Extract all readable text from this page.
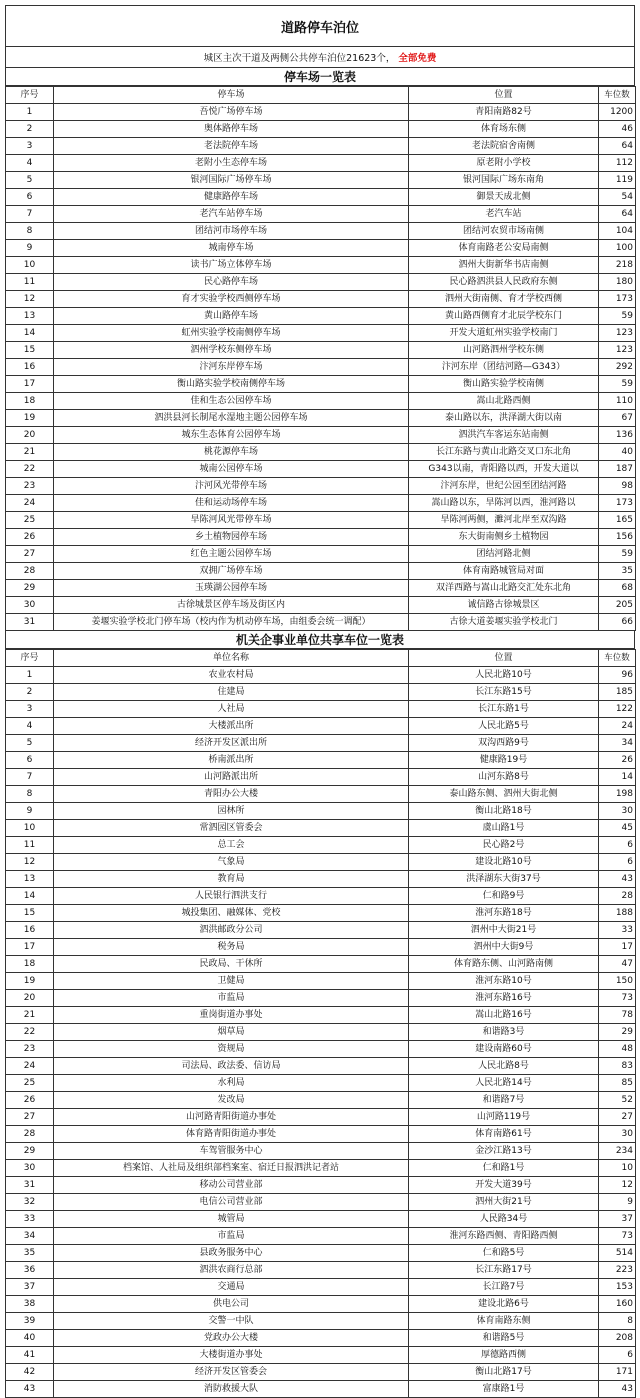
道路停车泊位
城区主次干道及两侧公共停车泊位21623个， 全部免费
停车场一览表
序号	停车场	位置	车位数
1	吾悦广场停车场	青阳南路82号	1200
2	奥体路停车场	体育场东侧	46
3	老法院停车场	老法院宿舍南侧	64
4	老附小生态停车场	原老附小学校	112
5	银河国际广场停车场	银河国际广场东南角	119
6	健康路停车场	御景天成北侧	54
7	老汽车站停车场	老汽车站	64
8	团结河市场停车场	团结河农贸市场南侧	104
9	城南停车场	体育南路老公安局南侧	100
10	读书广场立体停车场	泗州大街新华书店南侧	218
11	民心路停车场	民心路泗洪县人民政府东侧	180
12	育才实验学校西侧停车场	泗州大街南侧、育才学校西侧	173
13	黄山路停车场	黄山路西侧育才北辰学校东门	59
14	虹州实验学校南侧停车场	开发大道虹州实验学校南门	123
15	泗州学校东侧停车场	山河路泗州学校东侧	123
16	汴河东岸停车场	汴河东岸（团结河路—G343）	292
17	衡山路实验学校南侧停车场	衡山路实验学校南侧	59
18	佳和生态公园停车场	嵩山北路西侧	110
19	泗洪县河长制尾水湿地主题公园停车场	泰山路以东，洪泽湖大街以南	67
20	城东生态体育公园停车场	泗洪汽车客运东站南侧	136
21	桃花源停车场	长江东路与黄山北路交叉口东北角	40
22	城南公园停车场	G343以南，青阳路以西，开发大道以	187
23	汴河风光带停车场	汴河东岸，世纪公园至团结河路	98
24	佳和运动场停车场	嵩山路以东，旱陈河以西，淮河路以	173
25	旱陈河风光带停车场	旱陈河两侧，濉河北岸至双沟路	165
26	乡土植物园停车场	东大街南侧乡土植物园	156
27	红色主题公园停车场	团结河路北侧	59
28	双拥广场停车场	体育南路城管局对面	35
29	玉瑛湖公园停车场	双洋西路与嵩山北路交汇处东北角	68
30	古徐城景区停车场及街区内	诚信路古徐城景区	205
31	姜堰实验学校北门停车场（校内作为机动停车场，由组委会统一调配）	古徐大道姜堰实验学校北门	66
机关企事业单位共享车位一览表
序号	单位名称	位置	车位数
1	农业农村局	人民北路10号	96
2	住建局	长江东路15号	185
3	人社局	长江东路1号	122
4	大楼派出所	人民北路5号	24
5	经济开发区派出所	双沟西路9号	34
6	桥南派出所	健康路19号	26
7	山河路派出所	山河东路8号	14
8	青阳办公大楼	泰山路东侧、泗州大街北侧	198
9	园林所	衡山北路18号	30
10	常泗园区管委会	虞山路1号	45
11	总工会	民心路2号	6
12	气象局	建设北路10号	6
13	教育局	洪泽湖东大街37号	43
14	人民银行泗洪支行	仁和路9号	28
15	城投集团、融媒体、党校	淮河东路18号	188
16	泗洪邮政分公司	泗州中大街21号	33
17	税务局	泗州中大街9号	17
18	民政局、干休所	体育路东侧、山河路南侧	47
19	卫健局	淮河东路10号	150
20	市监局	淮河东路16号	73
21	重岗街道办事处	嵩山北路16号	78
22	烟草局	和谐路3号	29
23	资规局	建设南路60号	48
24	司法局、政法委、信访局	人民北路8号	83
25	水利局	人民北路14号	85
26	发改局	和谐路7号	52
27	山河路青阳街道办事处	山河路119号	27
28	体育路青阳街道办事处	体育南路61号	30
29	车驾管服务中心	金沙江路13号	234
30	档案馆、人社局及组织部档案室、宿迁日报泗洪记者站	仁和路1号	10
31	移动公司营业部	开发大道39号	12
32	电信公司营业部	泗州大街21号	9
33	城管局	人民路34号	37
34	市监局	淮河东路西侧、青阳路西侧	73
35	县政务服务中心	仁和路5号	514
36	泗洪农商行总部	长江东路17号	223
37	交通局	长江路7号	153
38	供电公司	建设北路6号	160
39	交警一中队	体育南路东侧	8
40	党政办公大楼	和谐路5号	208
41	大楼街道办事处	厚德路西侧	6
42	经济开发区管委会	衡山北路17号	171
43	消防救援大队	富康路1号	43
